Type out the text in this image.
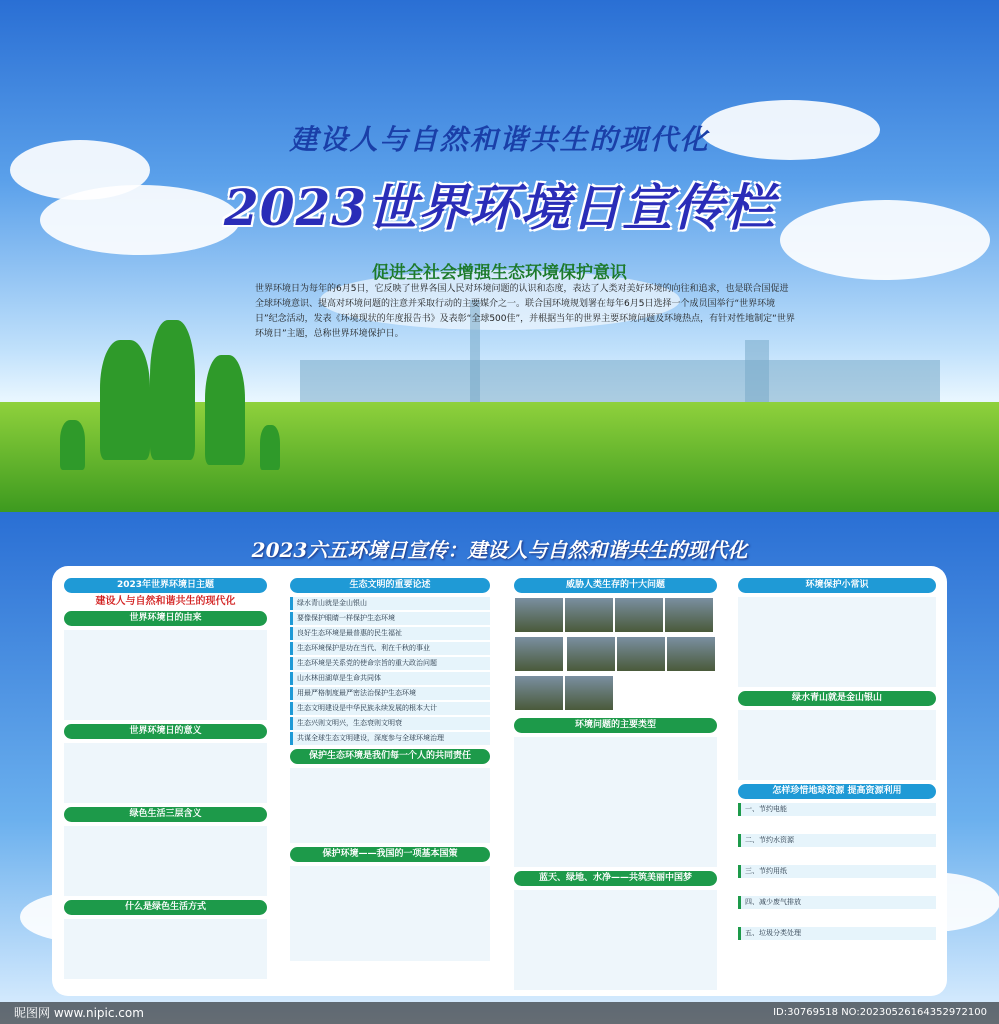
建设人与自然和谐共生的现代化
2023世界环境日宣传栏
促进全社会增强生态环境保护意识
世界环境日为每年的6月5日，它反映了世界各国人民对环境问题的认识和态度，表达了人类对美好环境的向往和追求，也是联合国促进全球环境意识、提高对环境问题的注意并采取行动的主要媒介之一。联合国环境规划署在每年6月5日选择一个成员国举行“世界环境日”纪念活动，发表《环境现状的年度报告书》及表彰“全球500佳”，并根据当年的世界主要环境问题及环境热点，有针对性地制定“世界环境日”主题，总称世界环境保护日。
2023六五环境日宣传：建设人与自然和谐共生的现代化
2023年世界环境日主题
建设人与自然和谐共生的现代化
世界环境日的由来
世界环境日的意义
绿色生活三层含义
什么是绿色生活方式
生态文明的重要论述
绿水青山就是金山银山
要像保护眼睛一样保护生态环境
良好生态环境是最普惠的民生福祉
生态环境保护是功在当代、利在千秋的事业
生态环境是关系党的使命宗旨的重大政治问题
山水林田湖草是生命共同体
用最严格制度最严密法治保护生态环境
生态文明建设是中华民族永续发展的根本大计
生态兴则文明兴，生态衰则文明衰
共谋全球生态文明建设，深度参与全球环境治理
保护生态环境是我们每一个人的共同责任
保护环境——我国的一项基本国策
威胁人类生存的十大问题

环境问题的主要类型
蓝天、绿地、水净——共筑美丽中国梦
环境保护小常识
绿水青山就是金山银山
怎样珍惜地球资源 提高资源利用
一、节约电能
二、节约水资源
三、节约用纸
四、减少废气排放
五、垃圾分类处理
昵图网 www.nipic.com	ID:30769518 NO:20230526164352972100
